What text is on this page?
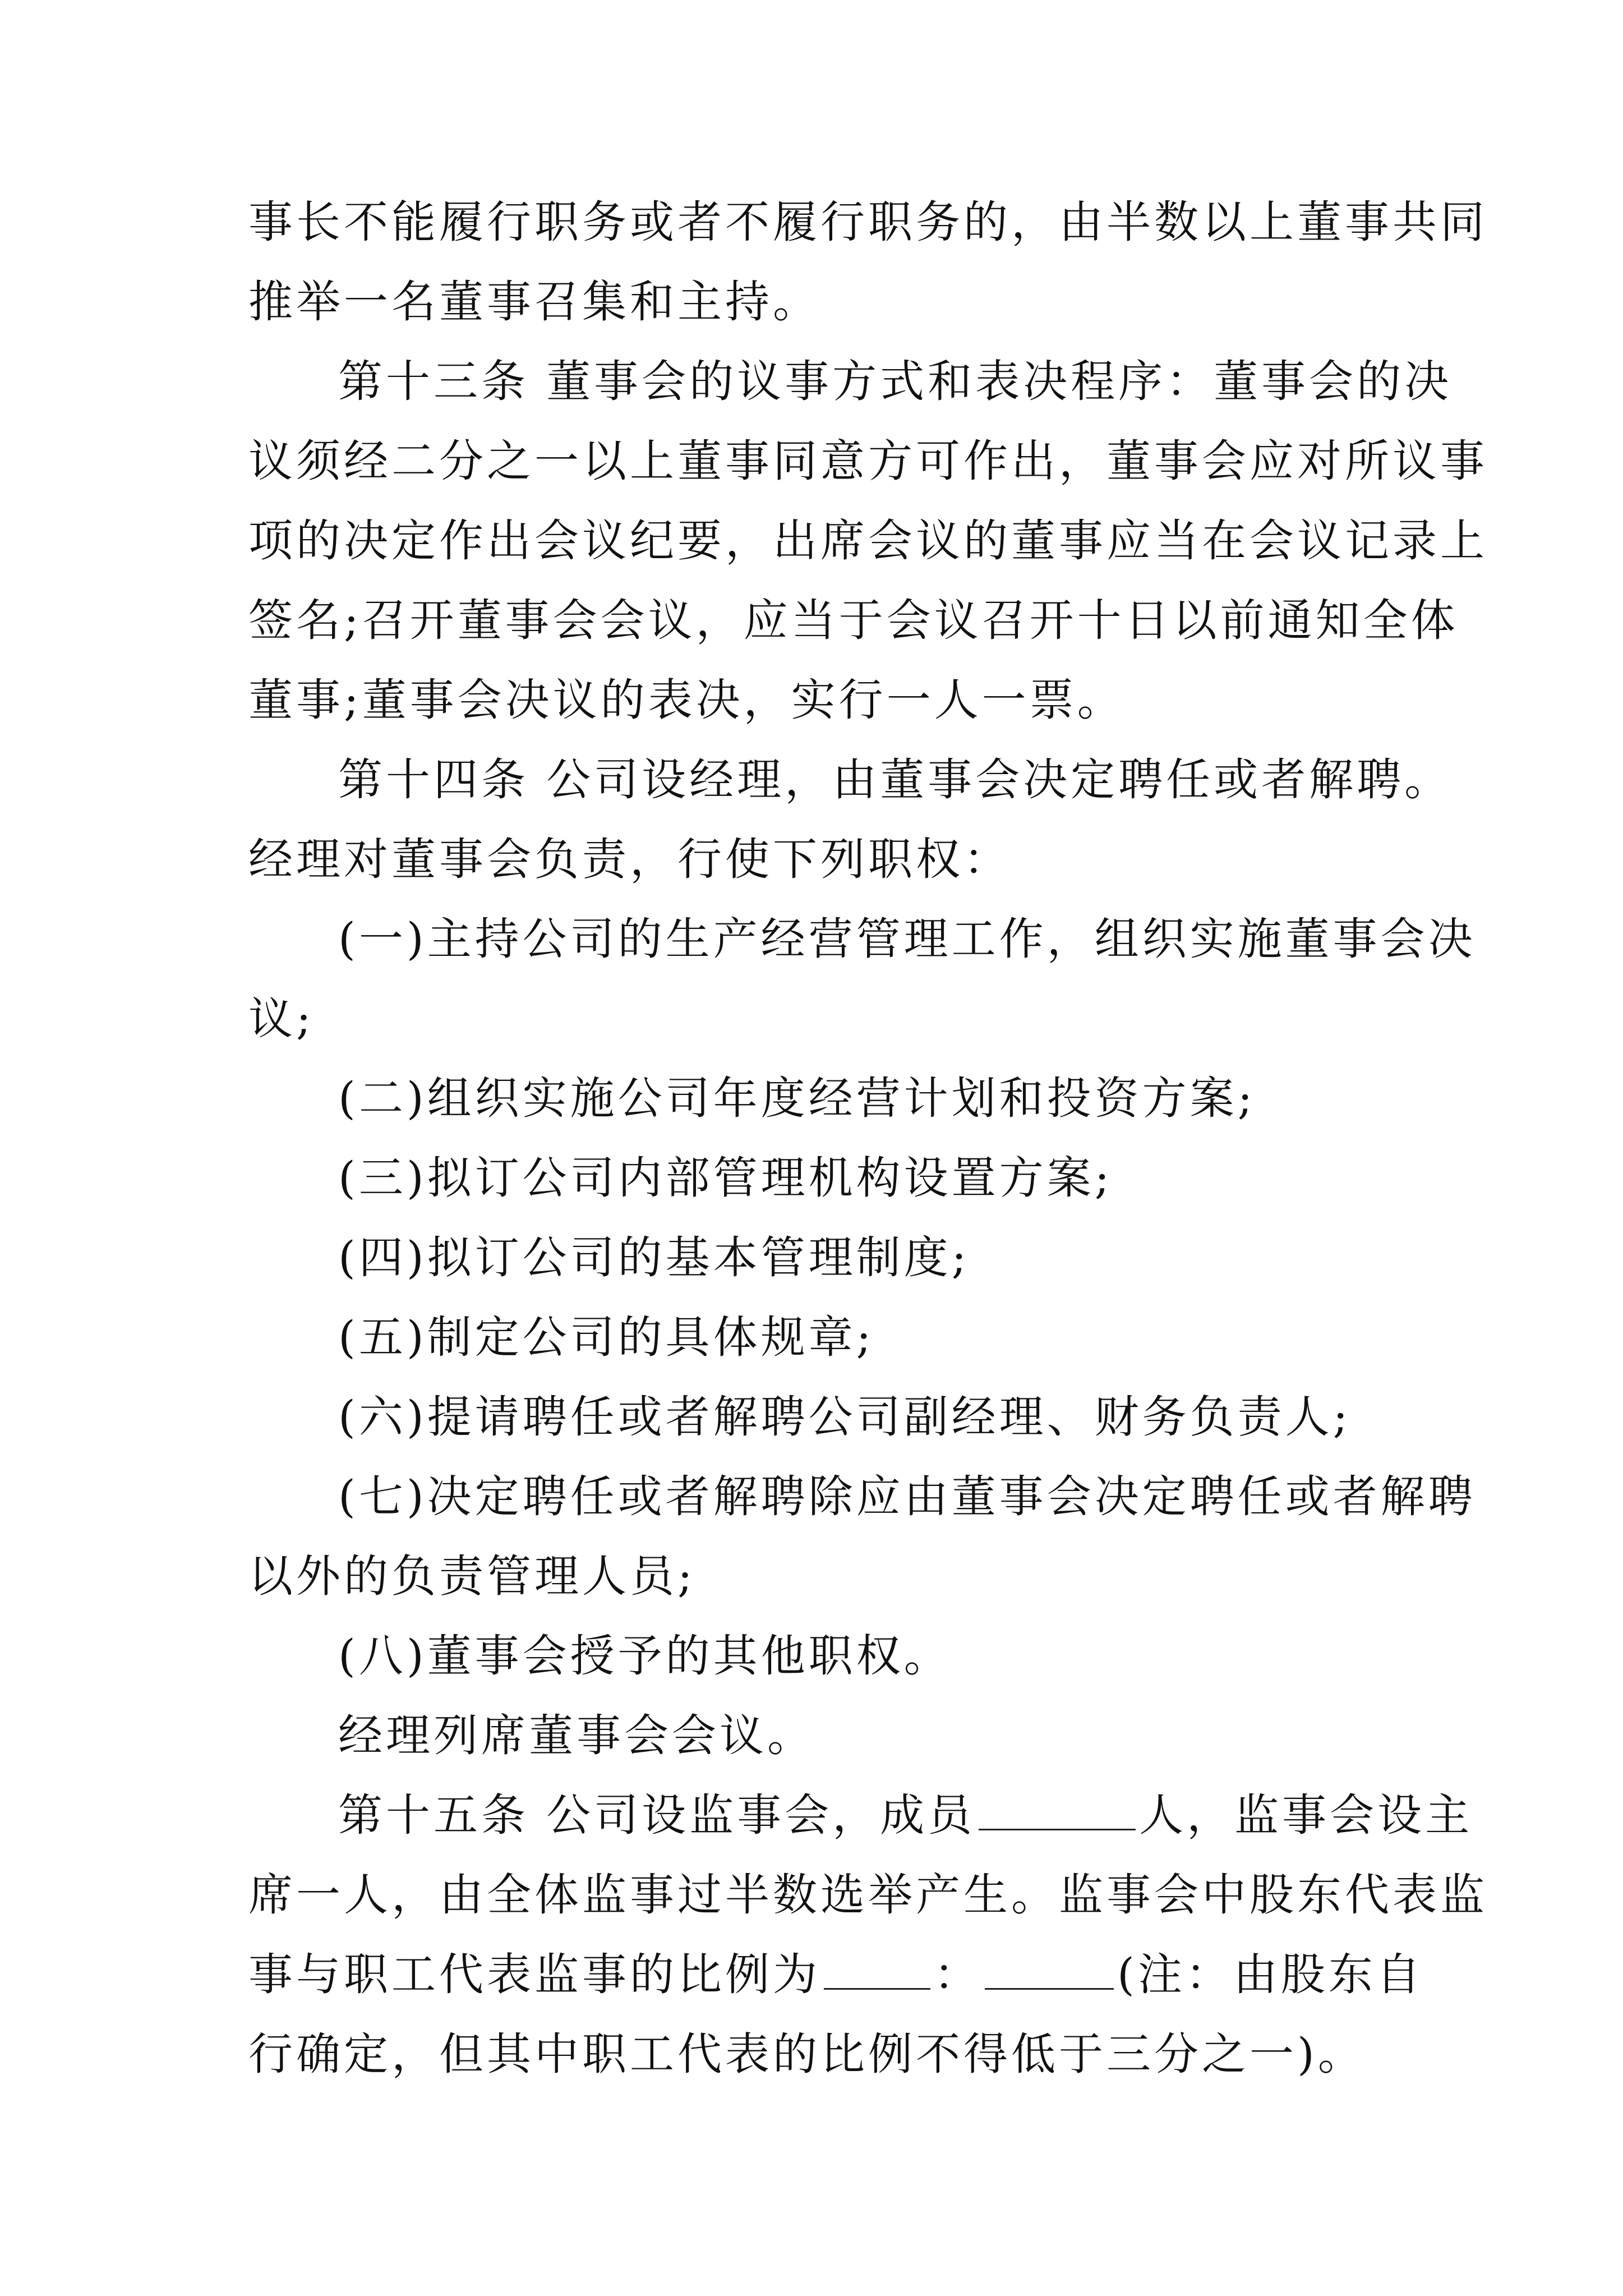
事长不能履行职务或者不履行职务的，由半数以上董事共同
推举一名董事召集和主持。
第十三条 董事会的议事方式和表决程序：董事会的决
议须经二分之一以上董事同意方可作出，董事会应对所议事
项的决定作出会议纪要，出席会议的董事应当在会议记录上
签名;召开董事会会议，应当于会议召开十日以前通知全体
董事;董事会决议的表决，实行一人一票。
第十四条 公司设经理，由董事会决定聘任或者解聘。
经理对董事会负责，行使下列职权：
(一)主持公司的生产经营管理工作，组织实施董事会决
议;
(二)组织实施公司年度经营计划和投资方案;
(三)拟订公司内部管理机构设置方案;
(四)拟订公司的基本管理制度;
(五)制定公司的具体规章;
(六)提请聘任或者解聘公司副经理、财务负责人;
(七)决定聘任或者解聘除应由董事会决定聘任或者解聘
以外的负责管理人员;
(八)董事会授予的其他职权。
经理列席董事会会议。
第十五条 公司设监事会，成员	人，监事会设主
席一人，由全体监事过半数选举产生。监事会中股东代表监
事与职工代表监事的比例为	：	(注：由股东自
行确定，但其中职工代表的比例不得低于三分之一)。
